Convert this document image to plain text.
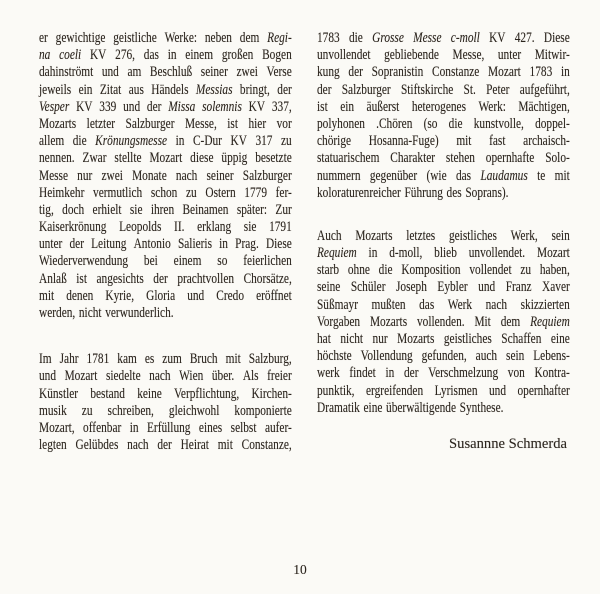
er gewichtige geistliche Werke: neben dem Regi-
na coeli KV 276, das in einem großen Bogen
dahinströmt und am Beschluß seiner zwei Verse
jeweils ein Zitat aus Händels Messias bringt, der
Vesper KV 339 und der Missa solemnis KV 337,
Mozarts letzter Salzburger Messe, ist hier vor
allem die Krönungsmesse in C-Dur KV 317 zu
nennen. Zwar stellte Mozart diese üppig besetzte
Messe nur zwei Monate nach seiner Salzburger
Heimkehr vermutlich schon zu Ostern 1779 fer-
tig, doch erhielt sie ihren Beinamen später: Zur
Kaiserkrönung Leopolds II. erklang sie 1791
unter der Leitung Antonio Salieris in Prag. Diese
Wiederverwendung bei einem so feierlichen
Anlaß ist angesichts der prachtvollen Chorsätze,
mit denen Kyrie, Gloria und Credo eröffnet
werden, nicht verwunderlich.
Im Jahr 1781 kam es zum Bruch mit Salzburg,
und Mozart siedelte nach Wien über. Als freier
Künstler bestand keine Verpflichtung, Kirchen-
musik zu schreiben, gleichwohl komponierte
Mozart, offenbar in Erfüllung eines selbst aufer-
legten Gelübdes nach der Heirat mit Constanze,
1783 die Grosse Messe c-moll KV 427. Diese
unvollendet gebliebende Messe, unter Mitwir-
kung der Sopranistin Constanze Mozart 1783 in
der Salzburger Stiftskirche St. Peter aufgeführt,
ist ein äußerst heterogenes Werk: Mächtigen,
polyhonen .Chören (so die kunstvolle, doppel-
chörige Hosanna-Fuge) mit fast archaisch-
statuarischem Charakter stehen opernhafte Solo-
nummern gegenüber (wie das Laudamus te mit
koloraturenreicher Führung des Soprans).
Auch Mozarts letztes geistliches Werk, sein
Requiem in d-moll, blieb unvollendet. Mozart
starb ohne die Komposition vollendet zu haben,
seine Schüler Joseph Eybler und Franz Xaver
Süßmayr mußten das Werk nach skizzierten
Vorgaben Mozarts vollenden. Mit dem Requiem
hat nicht nur Mozarts geistliches Schaffen eine
höchste Vollendung gefunden, auch sein Lebens-
werk findet in der Verschmelzung von Kontra-
punktik, ergreifenden Lyrismen und opernhafter
Dramatik eine überwältigende Synthese.
Susannne Schmerda
10
